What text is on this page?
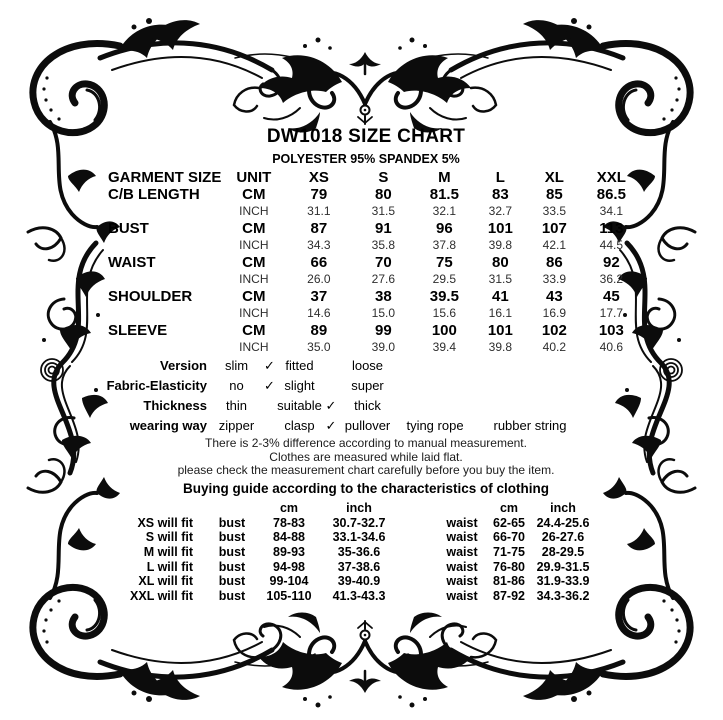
DW1018 SIZE CHART
POLYESTER 95% SPANDEX 5%
GARMENT SIZE	UNIT	XS	S	M	L	XL	XXL
C/B LENGTH	CM	79	80	81.5	83	85	86.5
	INCH	31.1	31.5	32.1	32.7	33.5	34.1
BUST	CM	87	91	96	101	107	113
	INCH	34.3	35.8	37.8	39.8	42.1	44.5
WAIST	CM	66	70	75	80	86	92
	INCH	26.0	27.6	29.5	31.5	33.9	36.2
SHOULDER	CM	37	38	39.5	41	43	45
	INCH	14.6	15.0	15.6	16.1	16.9	17.7
SLEEVE	CM	89	99	100	101	102	103
	INCH	35.0	39.0	39.4	39.8	40.2	40.6
Version	slim	✓ fitted	loose
Fabric-Elasticity	no	✓ slight	super
Thickness	thin	suitable ✓	thick
wearing way zipper	clasp ✓ pullover	tying rope	rubber string
There is 2-3% difference according to manual measurement.
Clothes are measured while laid flat.
please check the measurement chart carefully before you buy the item.
Buying guide according to the characteristics of clothing
cm	inch	cm	inch
XS will fit	bust	78-83	30.7-32.7	waist	62-65 24.4-25.6
S will fit	bust	84-88	33.1-34.6	waist	66-70	26-27.6
M will fit	bust	89-93	35-36.6	waist	71-75	28-29.5
L will fit	bust	94-98	37-38.6	waist	76-80 29.9-31.5
XL will fit	bust	99-104	39-40.9	waist	81-86 31.9-33.9
XXL will fit	bust	105-110	41.3-43.3	waist	87-92 34.3-36.2
